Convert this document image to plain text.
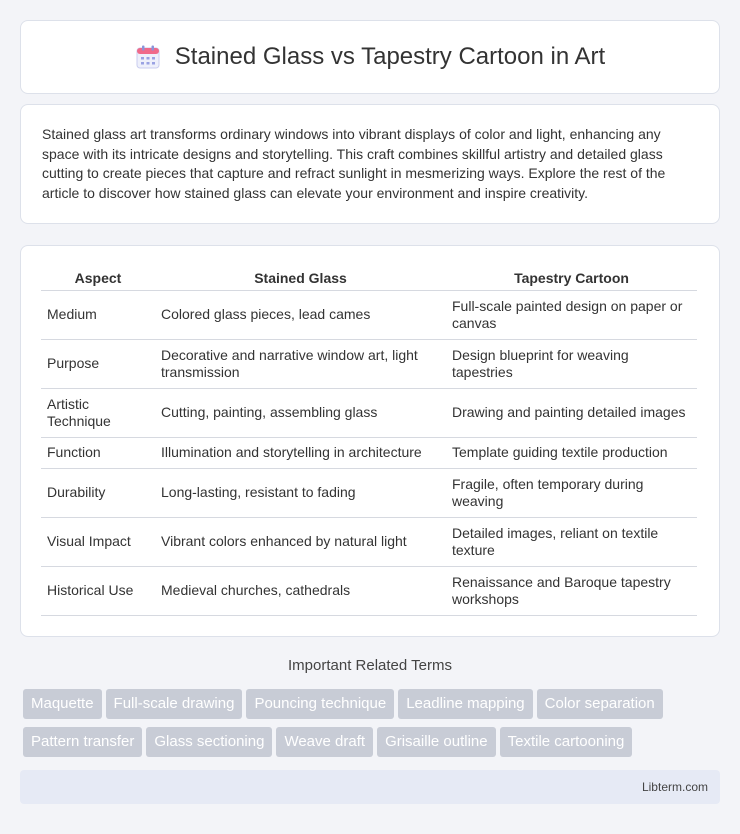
Stained Glass vs Tapestry Cartoon in Art

Stained glass art transforms ordinary windows into vibrant displays of color and light, enhancing any space with its intricate designs and storytelling. This craft combines skillful artistry and detailed glass cutting to create pieces that capture and refract sunlight in mesmerizing ways. Explore the rest of the article to discover how stained glass can elevate your environment and inspire creativity.

Aspect	Stained Glass	Tapestry Cartoon
Medium	Colored glass pieces, lead cames	Full-scale painted design on paper or canvas
Purpose	Decorative and narrative window art, light transmission	Design blueprint for weaving tapestries
Artistic Technique	Cutting, painting, assembling glass	Drawing and painting detailed images
Function	Illumination and storytelling in architecture	Template guiding textile production
Durability	Long-lasting, resistant to fading	Fragile, often temporary during weaving
Visual Impact	Vibrant colors enhanced by natural light	Detailed images, reliant on textile texture
Historical Use	Medieval churches, cathedrals	Renaissance and Baroque tapestry workshops
Important Related Terms
Maquette Full-scale drawing Pouncing technique Leadline mapping Color separation
Pattern transfer Glass sectioning Weave draft Grisaille outline Textile cartooning
Libterm.com
